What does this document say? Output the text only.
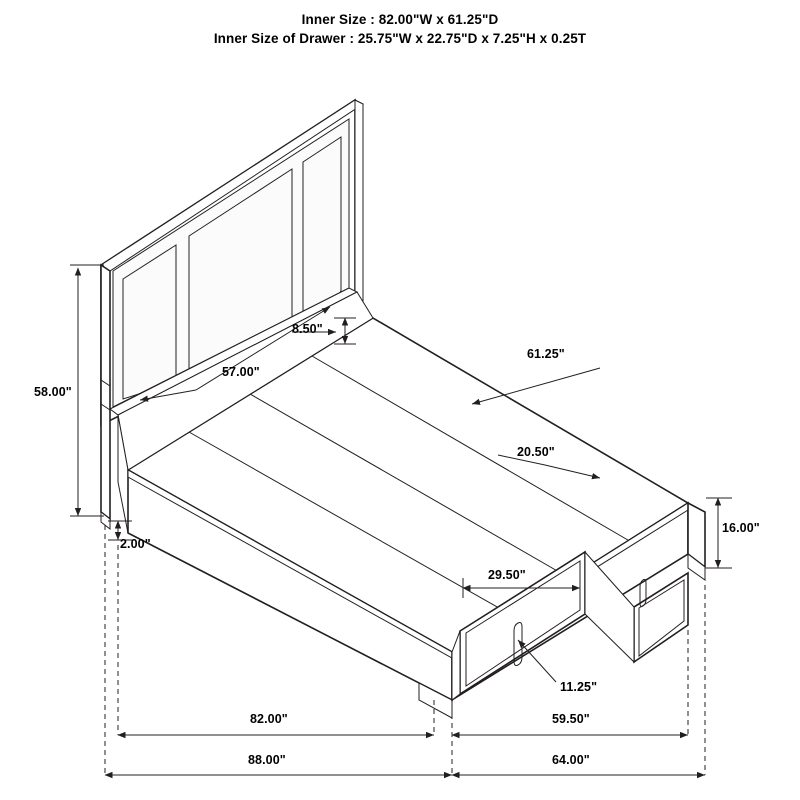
Inner Size : 82.00"W x 61.25"D
Inner Size of Drawer : 25.75"W x 22.75"D x 7.25"H x 0.25T
58.00"
8.50"
57.00"
61.25"
20.50"
29.50"
11.25"
16.00"
2.00"
82.00"	59.50"
88.00"	64.00"
